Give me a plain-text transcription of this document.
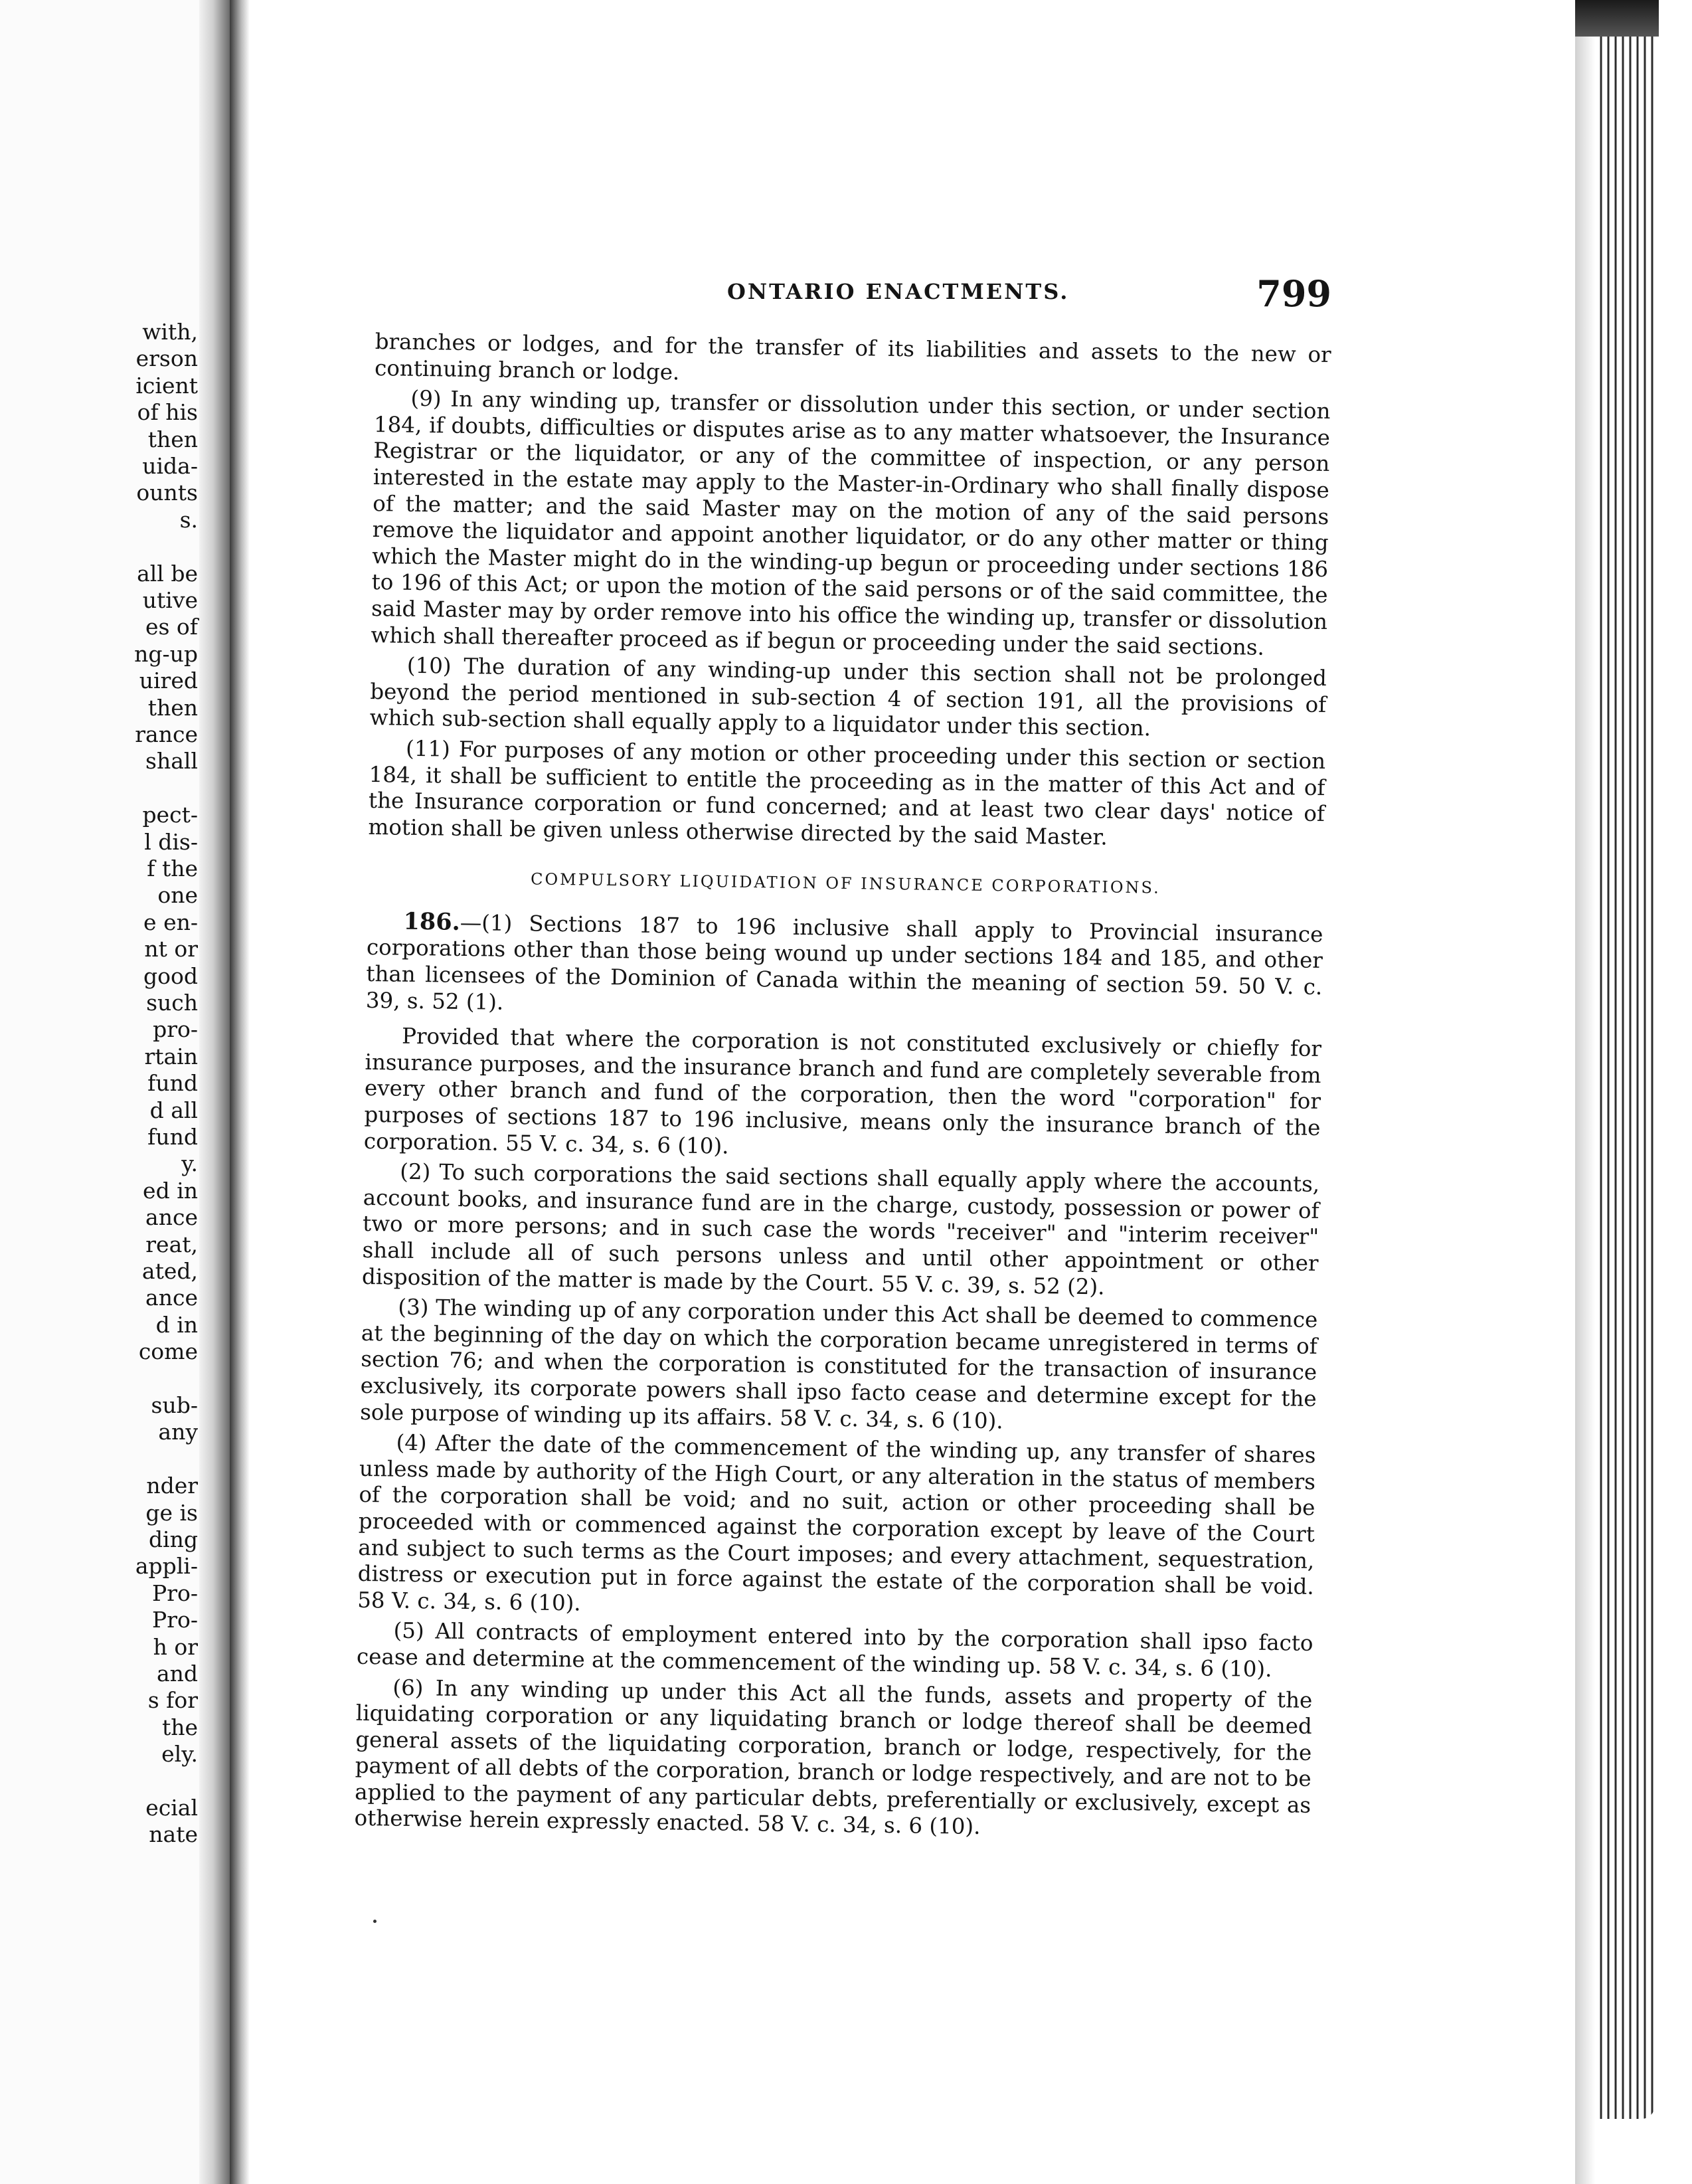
with,
erson
icient
of his
then
uida-
ounts
s.
all be
utive
es of
ng-up
uired
then
rance
shall
pect-
l dis-
f the
one
e en-
nt or
good
such
pro-
rtain
fund
d all
fund
y.
ed in
ance
reat,
ated,
ance
d in
come
sub-
any
nder
ge is
ding
appli-
Pro-
Pro-
h or
and
s for
the
ely.
ecial
nate
ONTARIO ENACTMENTS.	799

branches or lodges, and for the transfer of its liabilities and assets to the new or continuing branch or lodge.

(9) In any winding up, transfer or dissolution under this section, or under section 184, if doubts, difficulties or disputes arise as to any matter whatsoever, the Insurance Registrar or the liquidator, or any of the committee of inspection, or any person interested in the estate may apply to the Master-in-Ordinary who shall finally dispose of the matter; and the said Master may on the motion of any of the said persons remove the liquidator and appoint another liquidator, or do any other matter or thing which the Master might do in the winding-up begun or proceeding under sections 186 to 196 of this Act; or upon the motion of the said persons or of the said committee, the said Master may by order remove into his office the winding up, transfer or dissolution which shall thereafter proceed as if begun or proceeding under the said sections.

(10) The duration of any winding-up under this section shall not be prolonged beyond the period mentioned in sub-section 4 of section 191, all the provisions of which sub-section shall equally apply to a liquidator under this section.

(11) For purposes of any motion or other proceeding under this section or section 184, it shall be sufficient to entitle the proceeding as in the matter of this Act and of the Insurance corporation or fund concerned; and at least two clear days' notice of motion shall be given unless otherwise directed by the said Master.

COMPULSORY LIQUIDATION OF INSURANCE CORPORATIONS.

186.—(1) Sections 187 to 196 inclusive shall apply to Provincial insurance corporations other than those being wound up under sections 184 and 185, and other than licensees of the Dominion of Canada within the meaning of section 59. 50 V. c. 39, s. 52 (1).

Provided that where the corporation is not constituted exclusively or chiefly for insurance purposes, and the insurance branch and fund are completely severable from every other branch and fund of the corporation, then the word "corporation" for purposes of sections 187 to 196 inclusive, means only the insurance branch of the corporation. 55 V. c. 34, s. 6 (10).

(2) To such corporations the said sections shall equally apply where the accounts, account books, and insurance fund are in the charge, custody, possession or power of two or more persons; and in such case the words "receiver" and "interim receiver" shall include all of such persons unless and until other appointment or other disposition of the matter is made by the Court. 55 V. c. 39, s. 52 (2).

(3) The winding up of any corporation under this Act shall be deemed to commence at the beginning of the day on which the corporation became unregistered in terms of section 76; and when the corporation is constituted for the transaction of insurance exclusively, its corporate powers shall ipso facto cease and determine except for the sole purpose of winding up its affairs. 58 V. c. 34, s. 6 (10).

(4) After the date of the commencement of the winding up, any transfer of shares unless made by authority of the High Court, or any alteration in the status of members of the corporation shall be void; and no suit, action or other proceeding shall be proceeded with or commenced against the corporation except by leave of the Court and subject to such terms as the Court imposes; and every attachment, sequestration, distress or execution put in force against the estate of the corporation shall be void. 58 V. c. 34, s. 6 (10).

(5) All contracts of employment entered into by the corporation shall ipso facto cease and determine at the commencement of the winding up. 58 V. c. 34, s. 6 (10).

(6) In any winding up under this Act all the funds, assets and property of the liquidating corporation or any liquidating branch or lodge thereof shall be deemed general assets of the liquidating corporation, branch or lodge, respectively, for the payment of all debts of the corporation, branch or lodge respectively, and are not to be applied to the payment of any particular debts, preferentially or exclusively, except as otherwise herein expressly enacted. 58 V. c. 34, s. 6 (10).
